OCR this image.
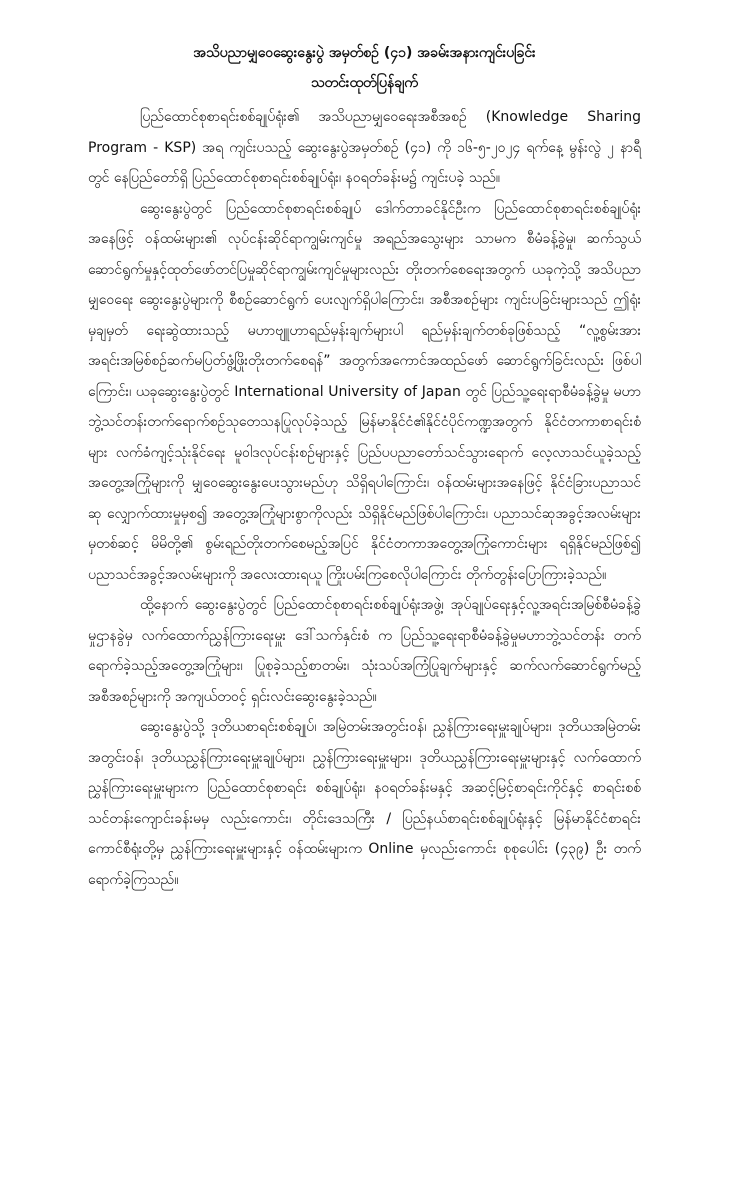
အသိပညာမျှဝေဆွေးနွေးပွဲ အမှတ်စဉ် (၄၁) အခမ်းအနားကျင်းပခြင်း

သတင်းထုတ်ပြန်ချက်

ပြည်ထောင်စုစာရင်းစစ်ချုပ်ရုံး၏ အသိပညာမျှဝေရေးအစီအစဉ် (Knowledge Sharing Program - KSP) အရ ကျင်းပသည့် ဆွေးနွေးပွဲအမှတ်စဉ် (၄၁) ကို ၁၆-၅-၂၀၂၄ ရက်နေ့ မွန်းလွဲ ၂ နာရီတွင် နေပြည်တော်ရှိ ပြည်ထောင်စုစာရင်းစစ်ချုပ်ရုံး၊ နဝရတ်ခန်းမ၌ ကျင်းပခဲ့ သည်။

ဆွေးနွေးပွဲတွင် ပြည်ထောင်စုစာရင်းစစ်ချုပ် ဒေါက်တာခင်နိုင်ဦးက ပြည်ထောင်စုစာရင်းစစ်ချုပ်ရုံးအနေဖြင့် ဝန်ထမ်းများ၏ လုပ်ငန်းဆိုင်ရာကျွမ်းကျင်မှု အရည်အသွေးများ သာမက စီမံခန့်ခွဲမှု၊ ဆက်သွယ်ဆောင်ရွက်မှုနှင့်ထုတ်ဖော်တင်ပြမှုဆိုင်ရာကျွမ်းကျင်မှုများလည်း တိုးတက်စေရေးအတွက် ယခုကဲ့သို့ အသိပညာမျှဝေရေး ဆွေးနွေးပွဲများကို စီစဉ်ဆောင်ရွက် ပေးလျက်ရှိပါကြောင်း၊ အစီအစဉ်များ ကျင်းပခြင်းများသည် ဤရုံးမှချမှတ် ရေးဆွဲထားသည့် မဟာဗျူဟာရည်မှန်းချက်များပါ ရည်မှန်းချက်တစ်ခုဖြစ်သည့် “လူ့စွမ်းအားအရင်းအမြစ်စဉ်ဆက်မပြတ်ဖွံ့ဖြိုးတိုးတက်စေရန်” အတွက်အကောင်အထည်ဖော် ဆောင်ရွက်ခြင်းလည်း ဖြစ်ပါကြောင်း၊ ယခုဆွေးနွေးပွဲတွင် International University of Japan တွင် ပြည်သူ့ရေးရာစီမံခန့်ခွဲမှု မဟာဘွဲ့သင်တန်းတက်ရောက်စဉ်သုတေသနပြုလုပ်ခဲ့သည့် မြန်မာနိုင်ငံ၏နိုင်ငံပိုင်ကဏ္ဍအတွက် နိုင်ငံတကာစာရင်းစံများ လက်ခံကျင့်သုံးနိုင်ရေး မူဝါဒလုပ်ငန်းစဉ်များနှင့် ပြည်ပပညာတော်သင်သွားရောက် လေ့လာသင်ယူခဲ့သည့် အတွေ့အကြုံများကို မျှဝေဆွေးနွေးပေးသွားမည်ဟု သိရှိရပါကြောင်း၊ ဝန်ထမ်းများအနေဖြင့် နိုင်ငံခြားပညာသင်ဆု လျှောက်ထားမှုမှစ၍ အတွေ့အကြုံများစွာကိုလည်း သိရှိနိုင်မည်ဖြစ်ပါကြောင်း၊ ပညာသင်ဆုအခွင့်အလမ်းများမှတစ်ဆင့် မိမိတို့၏ စွမ်းရည်တိုးတက်စေမည့်အပြင် နိုင်ငံတကာအတွေ့အကြုံကောင်းများ ရရှိနိုင်မည်ဖြစ်၍ ပညာသင်အခွင့်အလမ်းများကို အလေးထားရယူ ကြိုးပမ်းကြစေလိုပါကြောင်း တိုက်တွန်းပြောကြားခဲ့သည်။

ထို့နောက် ဆွေးနွေးပွဲတွင် ပြည်ထောင်စုစာရင်းစစ်ချုပ်ရုံးအဖွဲ့၊ အုပ်ချုပ်ရေးနှင့်လူ့အရင်းအမြစ်စီမံခန့်ခွဲမှုဌာနခွဲမှ လက်ထောက်ညွှန်ကြားရေးမှူး ဒေါ်သက်နှင်းစံ က ပြည်သူ့ရေးရာစီမံခန့်ခွဲမှုမဟာဘွဲ့သင်တန်း တက်ရောက်ခဲ့သည့်အတွေ့အကြုံများ၊ ပြုစုခဲ့သည့်စာတမ်း၊ သုံးသပ်အကြံပြုချက်များနှင့် ဆက်လက်ဆောင်ရွက်မည့်အစီအစဉ်များကို အကျယ်တဝင့် ရှင်းလင်းဆွေးနွေးခဲ့သည်။

ဆွေးနွေးပွဲသို့ ဒုတိယစာရင်းစစ်ချုပ်၊ အမြဲတမ်းအတွင်းဝန်၊ ညွှန်ကြားရေးမှူးချုပ်များ၊ ဒုတိယအမြဲတမ်းအတွင်းဝန်၊ ဒုတိယညွှန်ကြားရေးမှူးချုပ်များ၊ ညွှန်ကြားရေးမှူးများ၊ ဒုတိယညွှန်ကြားရေးမှူးများနှင့် လက်ထောက်ညွှန်ကြားရေးမှူးများက ပြည်ထောင်စုစာရင်း စစ်ချုပ်ရုံး၊ နဝရတ်ခန်းမနှင့် အဆင့်မြင့်စာရင်းကိုင်နှင့် စာရင်းစစ်သင်တန်းကျောင်းခန်းမမှ လည်းကောင်း၊ တိုင်းဒေသကြီး / ပြည်နယ်စာရင်းစစ်ချုပ်ရုံးနှင့် မြန်မာနိုင်ငံစာရင်းကောင်စီရုံးတို့မှ ညွှန်ကြားရေးမှူးများနှင့် ဝန်ထမ်းများက Online မှလည်းကောင်း စုစုပေါင်း (၄၃၉) ဦး တက်ရောက်ခဲ့ကြသည်။
